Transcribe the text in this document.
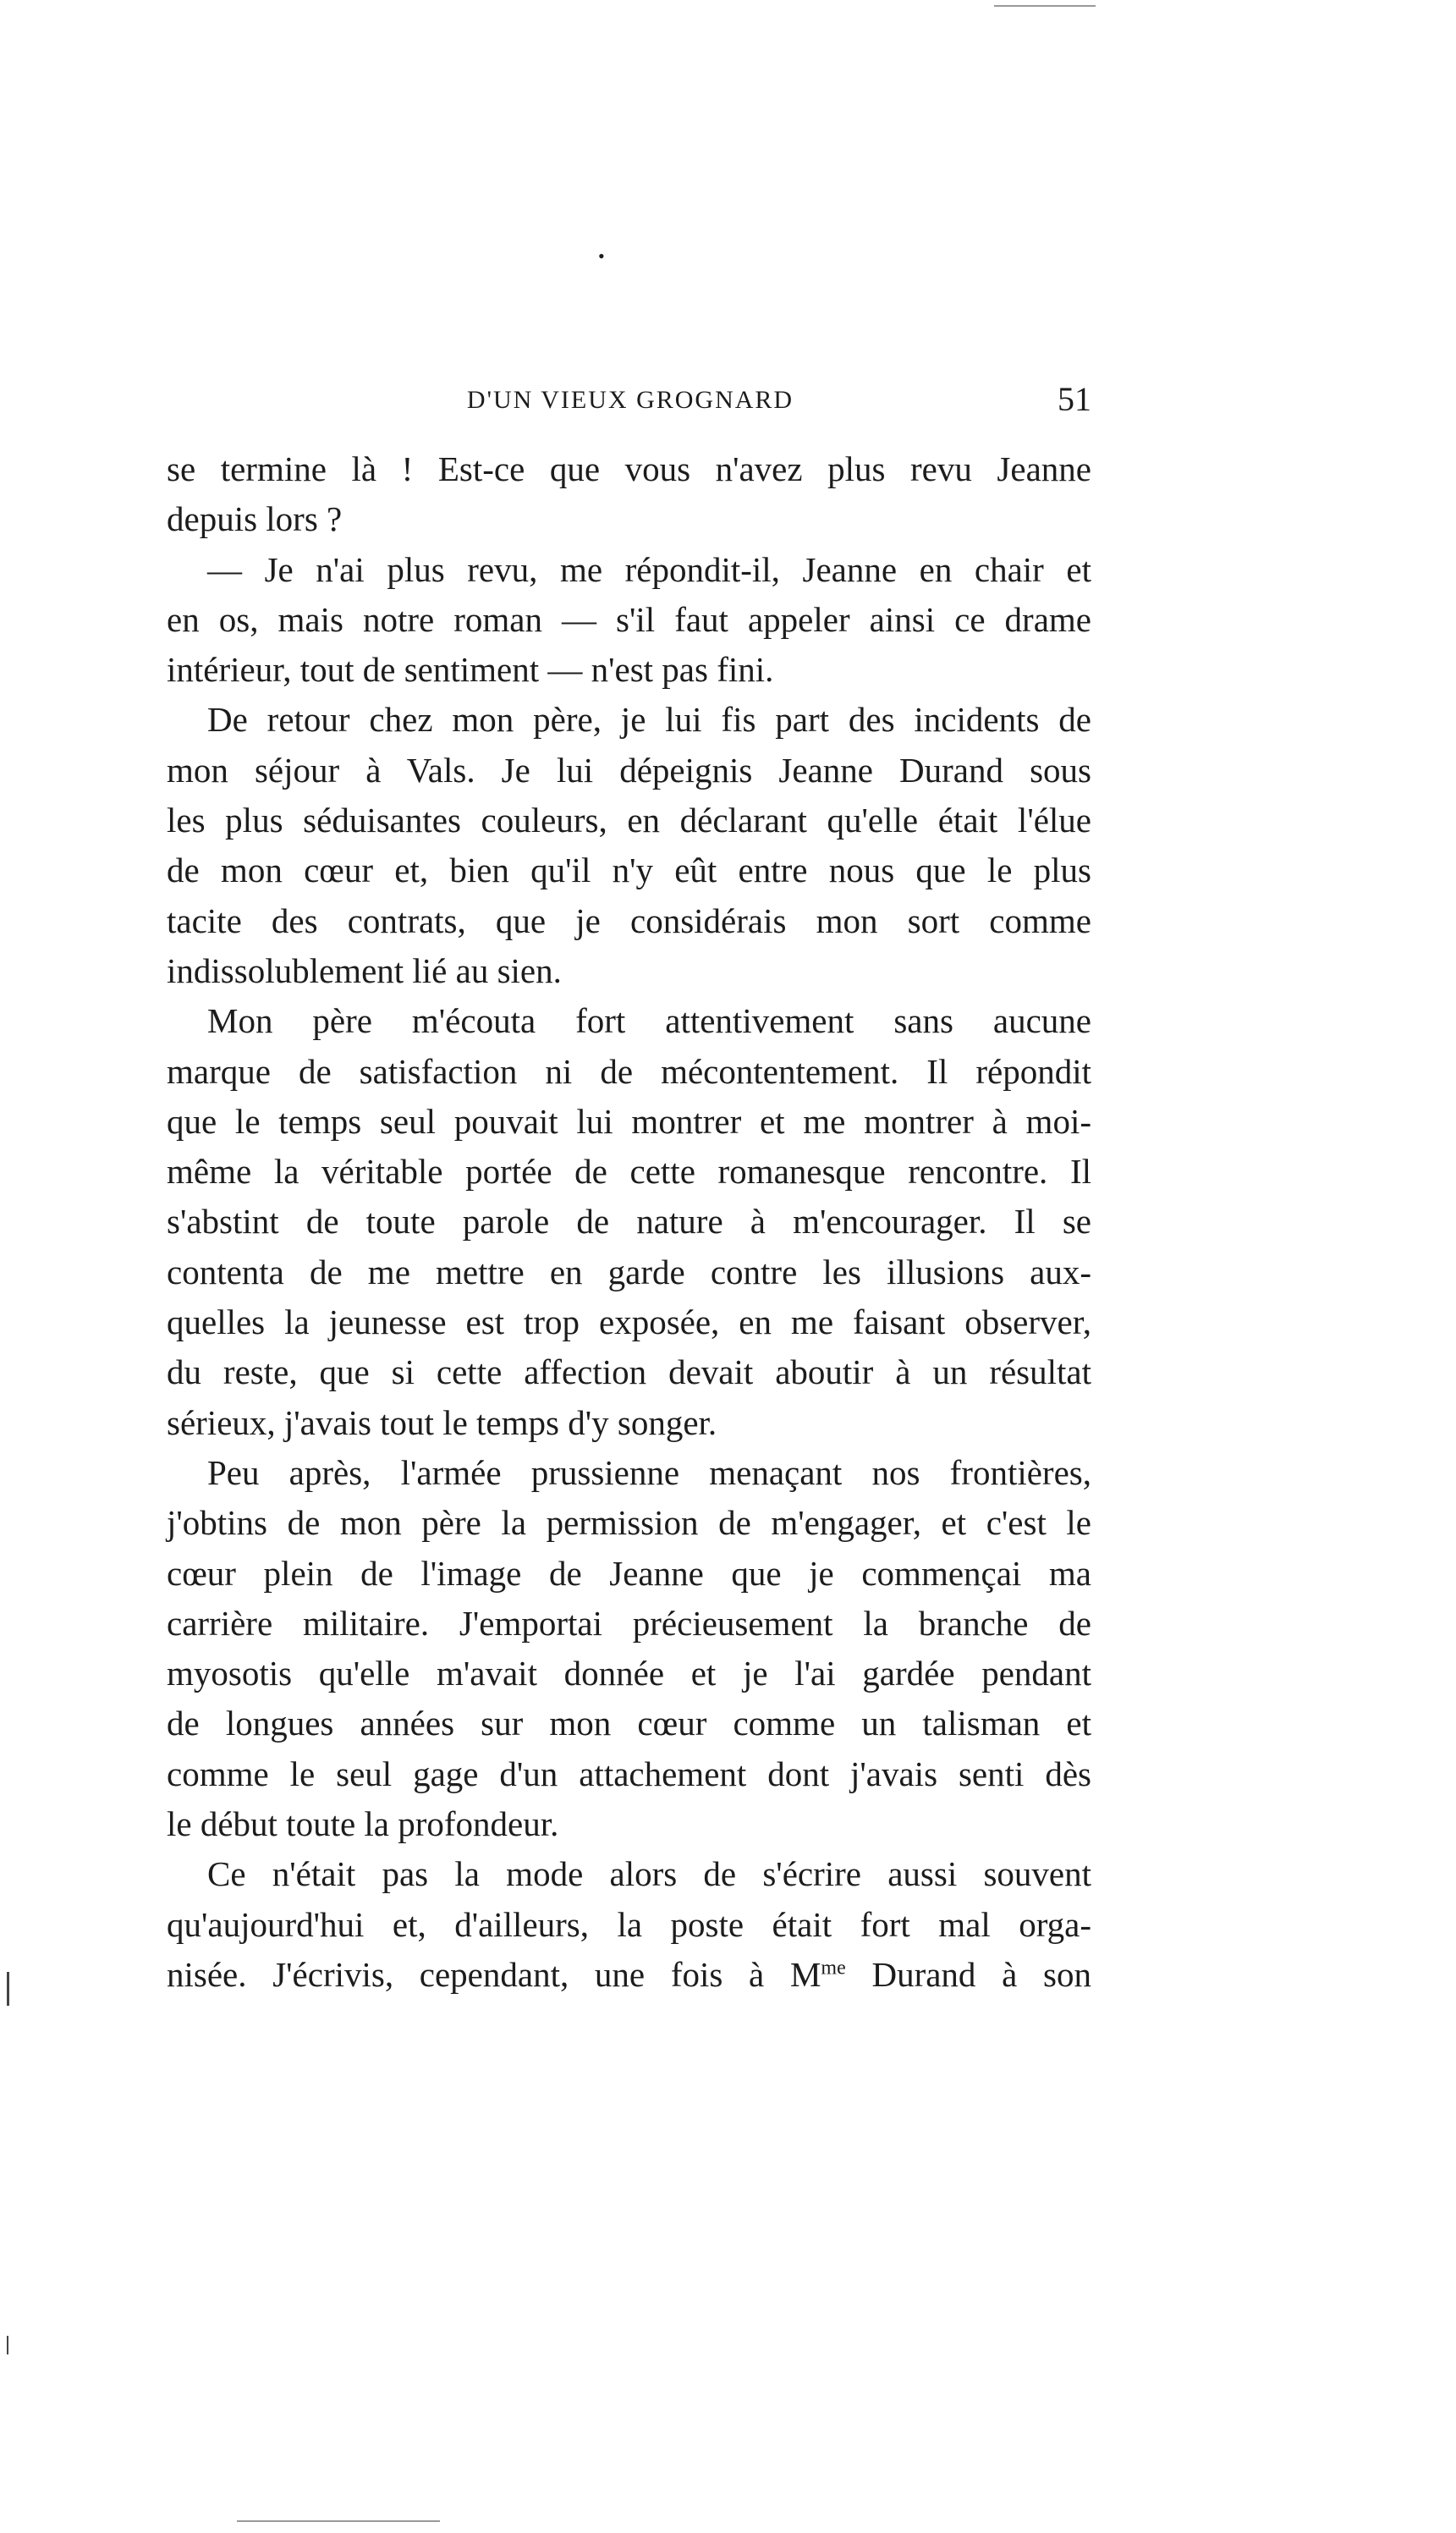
•
D'UN VIEUX GROGNARD	51
se termine là ! Est-ce que vous n'avez plus revu Jeanne
depuis lors ?
— Je n'ai plus revu, me répondit-il, Jeanne en chair et
en os, mais notre roman — s'il faut appeler ainsi ce drame
intérieur, tout de sentiment — n'est pas fini.
De retour chez mon père, je lui fis part des incidents de
mon séjour à Vals. Je lui dépeignis Jeanne Durand sous
les plus séduisantes couleurs, en déclarant qu'elle était l'élue
de mon cœur et, bien qu'il n'y eût entre nous que le plus
tacite des contrats, que je considérais mon sort comme
indissolublement lié au sien.
Mon père m'écouta fort attentivement sans aucune
marque de satisfaction ni de mécontentement. Il répondit
que le temps seul pouvait lui montrer et me montrer à moi-
même la véritable portée de cette romanesque rencontre. Il
s'abstint de toute parole de nature à m'encourager. Il se
contenta de me mettre en garde contre les illusions aux-
quelles la jeunesse est trop exposée, en me faisant observer,
du reste, que si cette affection devait aboutir à un résultat
sérieux, j'avais tout le temps d'y songer.
Peu après, l'armée prussienne menaçant nos frontières,
j'obtins de mon père la permission de m'engager, et c'est le
cœur plein de l'image de Jeanne que je commençai ma
carrière militaire. J'emportai précieusement la branche de
myosotis qu'elle m'avait donnée et je l'ai gardée pendant
de longues années sur mon cœur comme un talisman et
comme le seul gage d'un attachement dont j'avais senti dès
le début toute la profondeur.
Ce n'était pas la mode alors de s'écrire aussi souvent
qu'aujourd'hui et, d'ailleurs, la poste était fort mal orga-
nisée. J'écrivis, cependant, une fois à $M^{me}$ Durand à son
